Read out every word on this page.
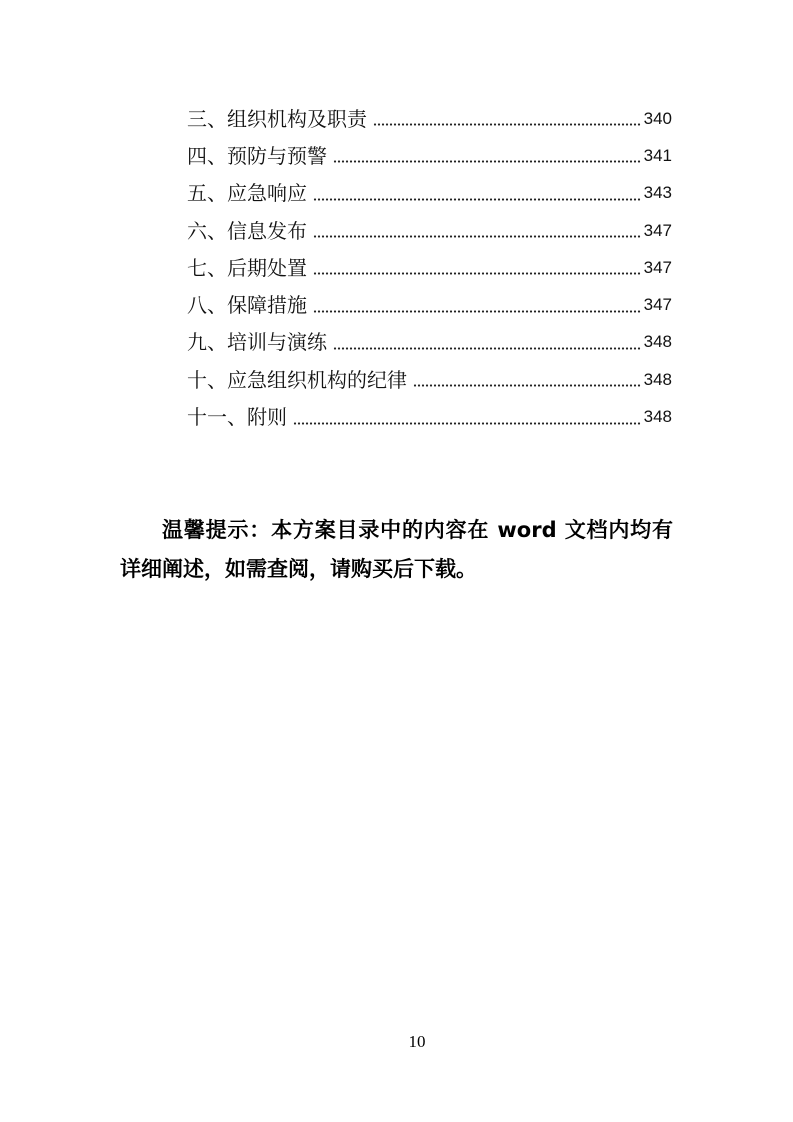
三、组织机构及职责	340
四、预防与预警	341
五、应急响应	343
六、信息发布	347
七、后期处置	347
八、保障措施	347
九、培训与演练	348
十、应急组织机构的纪律	348
十一、附则	348

温馨提示：本方案目录中的内容在 word 文档内均有详细阐述，如需查阅，请购买后下载。

10
